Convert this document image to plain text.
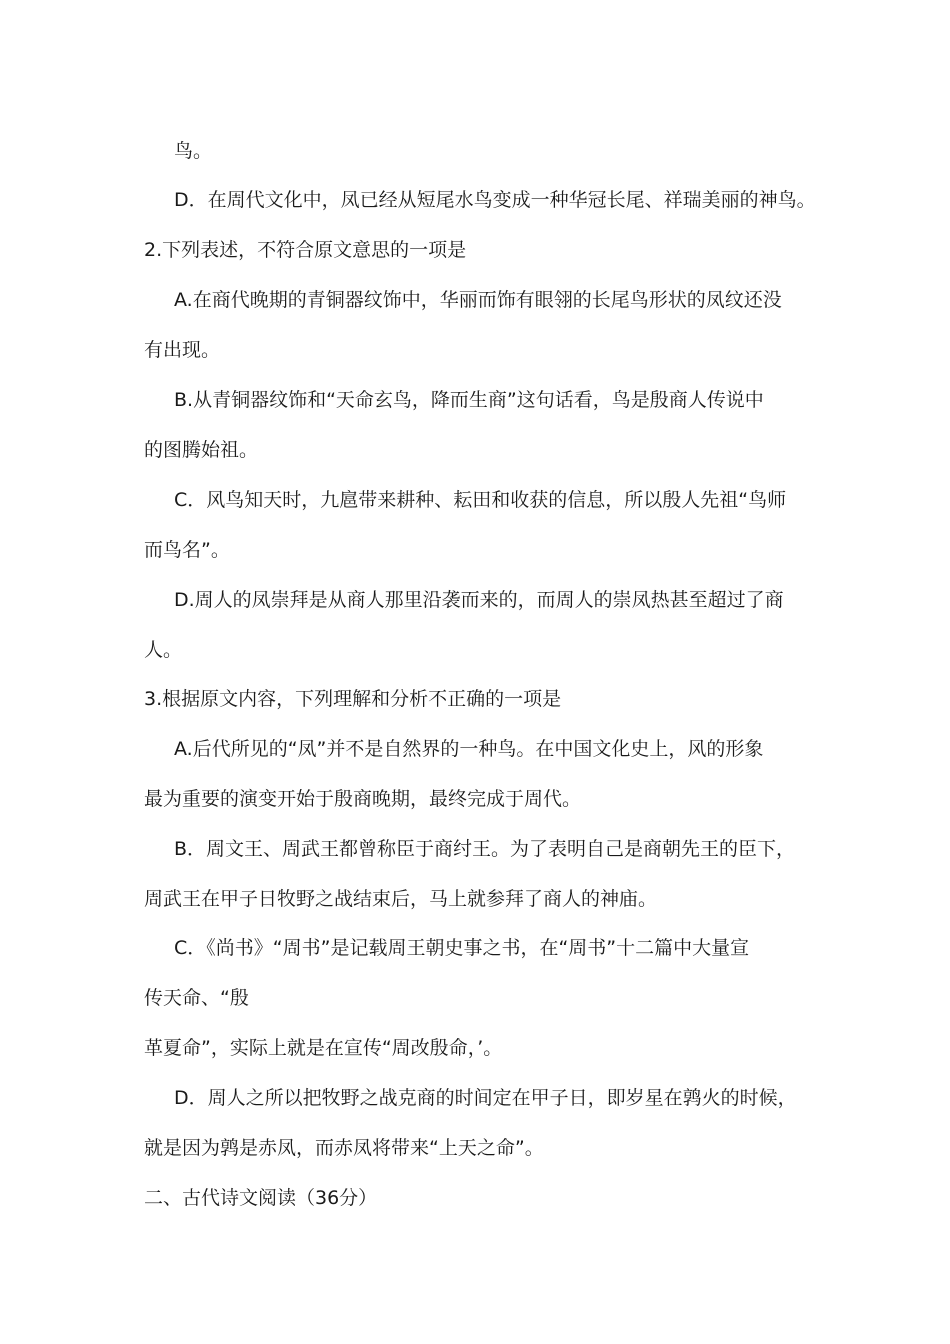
鸟。
D．在周代文化中，凤已经从短尾水鸟变成一种华冠长尾、祥瑞美丽的神鸟。
2.下列表述，不符合原文意思的一项是
A.在商代晚期的青铜器纹饰中，华丽而饰有眼翎的长尾鸟形状的凤纹还没
有出现。
B.从青铜器纹饰和“天命玄鸟，降而生商”这句话看，鸟是殷商人传说中
的图腾始祖。
C．风鸟知天时，九扈带来耕种、耘田和收获的信息，所以殷人先祖“鸟师
而鸟名”。
D.周人的凤崇拜是从商人那里沿袭而来的，而周人的崇凤热甚至超过了商
人。
3.根据原文内容，下列理解和分析不正确的一项是
A.后代所见的“凤”并不是自然界的一种鸟。在中国文化史上，风的形象
最为重要的演变开始于殷商晚期，最终完成于周代。
B．周文王、周武王都曾称臣于商纣王。为了表明自己是商朝先王的臣下，
周武王在甲子日牧野之战结束后，马上就参拜了商人的神庙。
C．《尚书》“周书”是记载周王朝史事之书，在“周书”十二篇中大量宣
传天命、“殷
革夏命”，实际上就是在宣传“周改殷命，’。
D．周人之所以把牧野之战克商的时间定在甲子日，即岁星在鹑火的时候，
就是因为鹑是赤凤，而赤凤将带来“上天之命”。
二、古代诗文阅读（36分）
